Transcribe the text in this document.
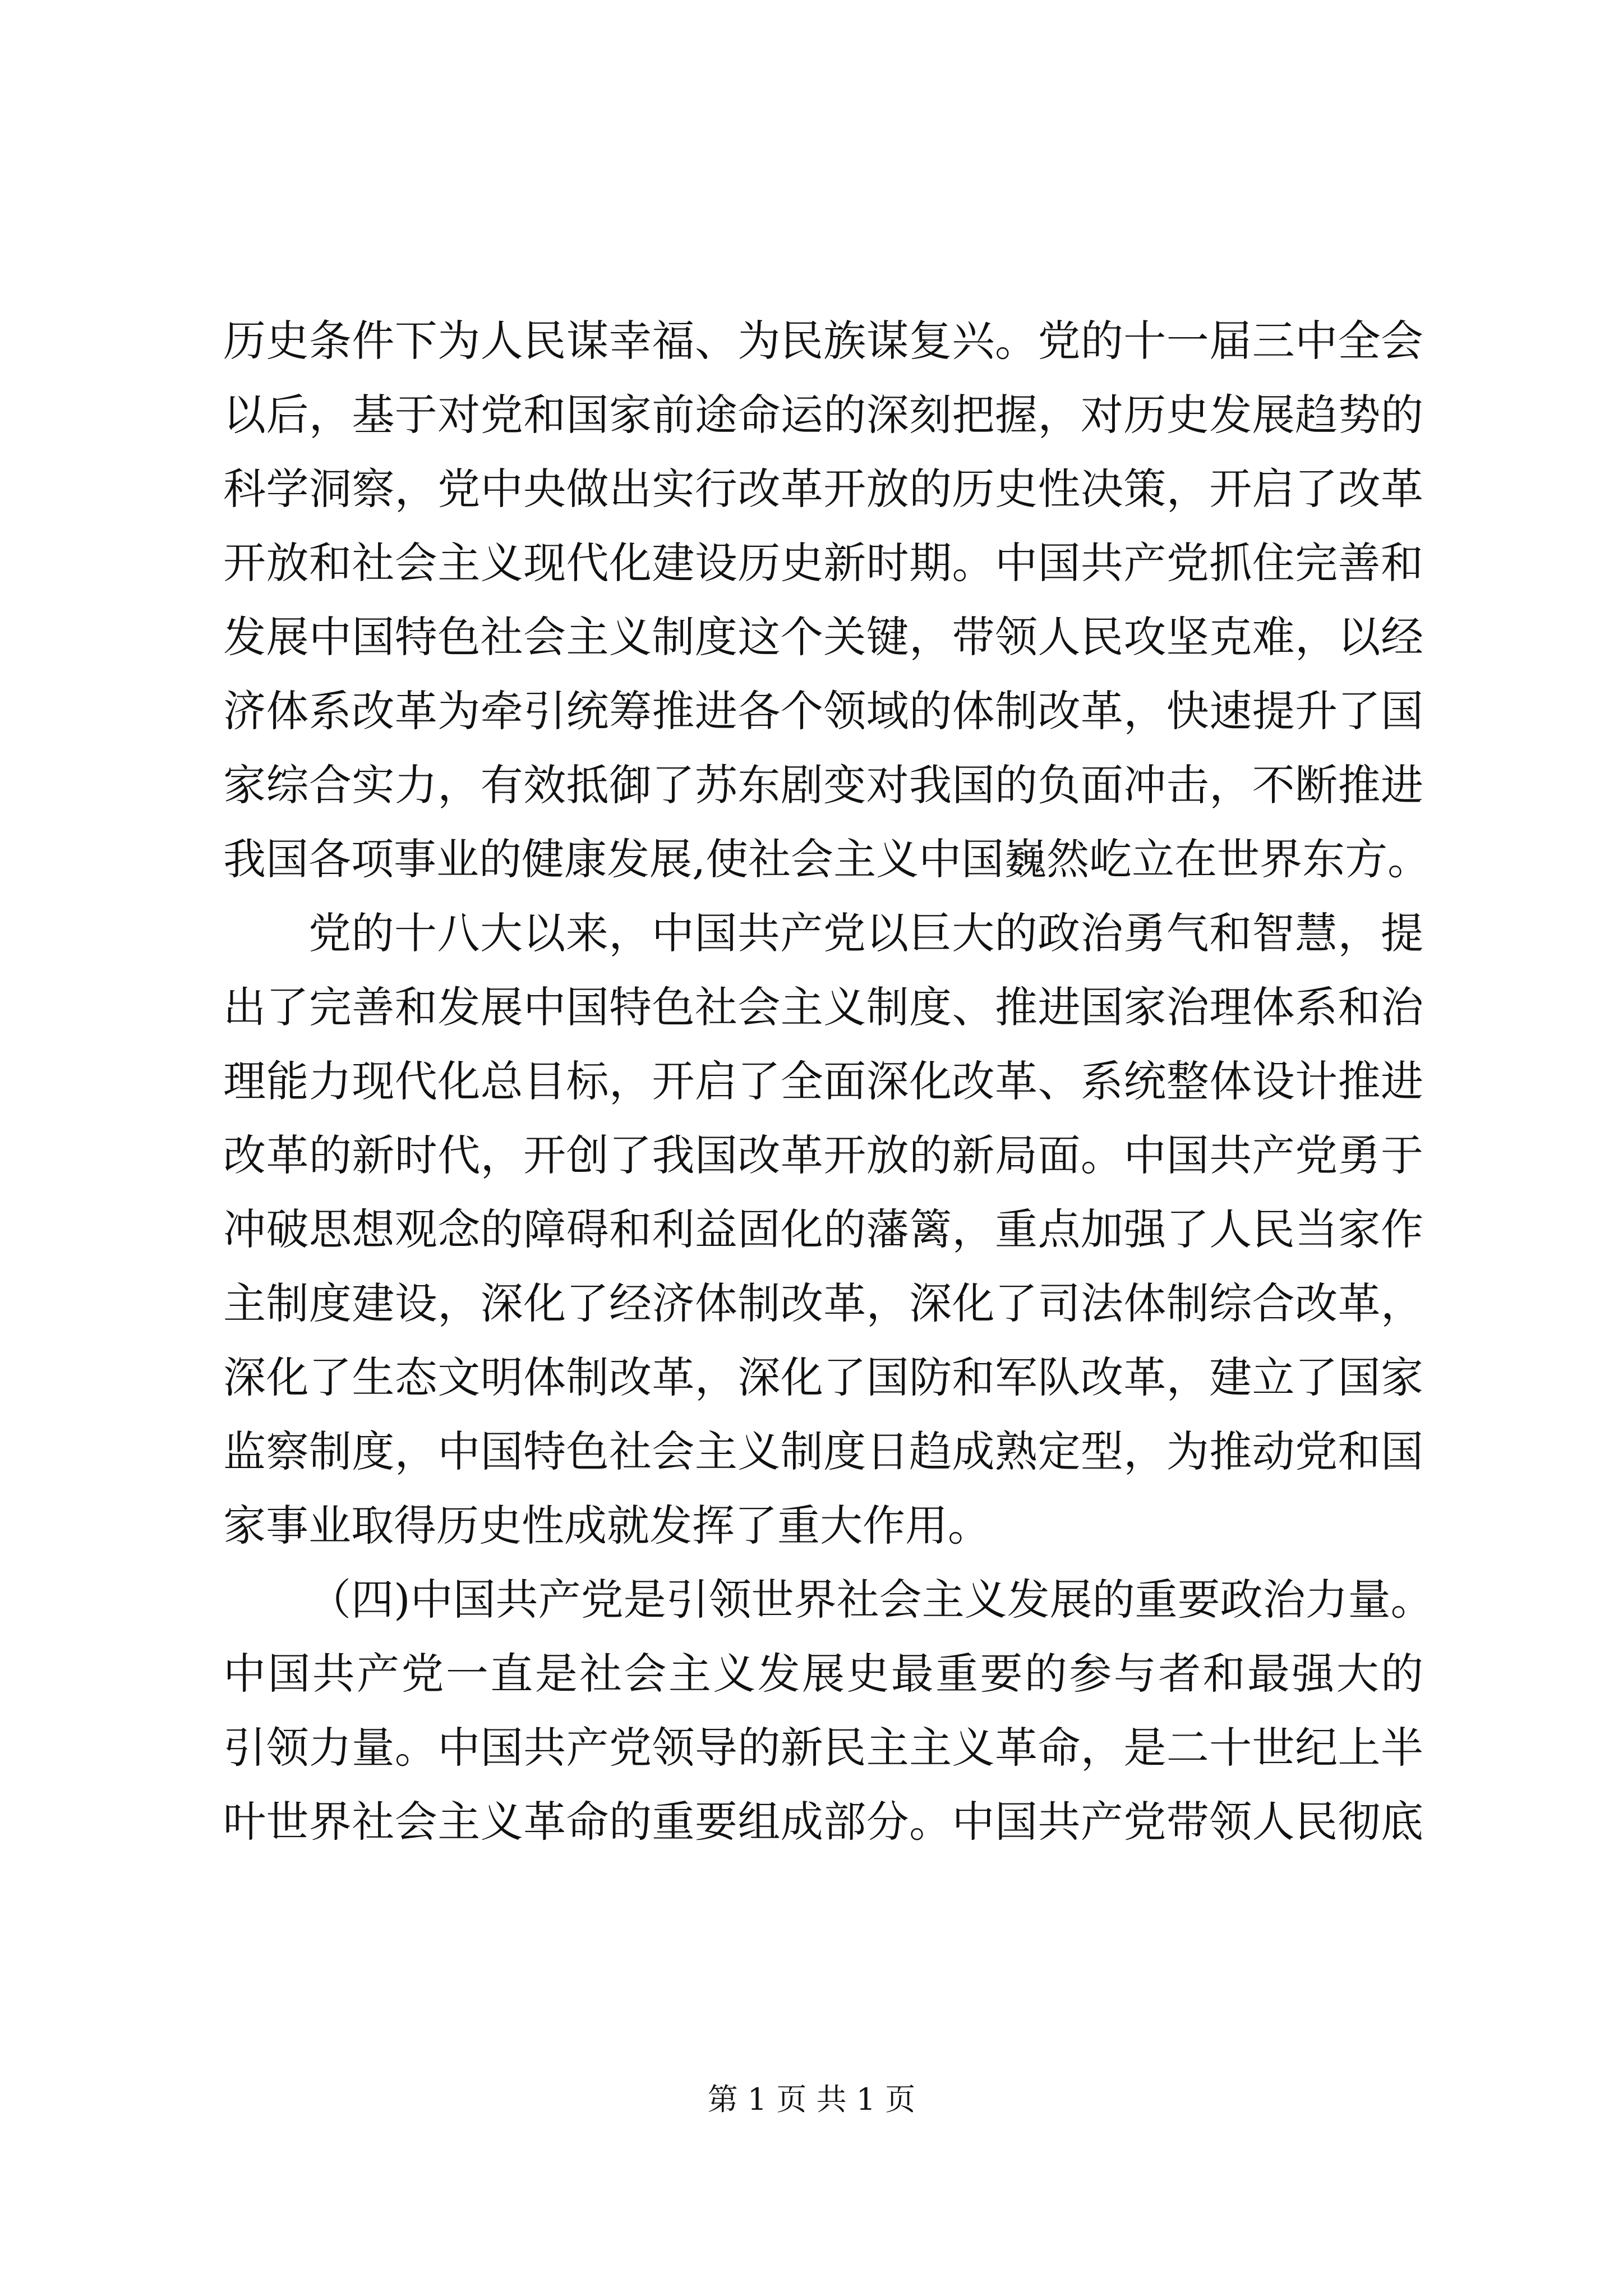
历史条件下为人民谋幸福、为民族谋复兴。党的十一届三中全会
以后，基于对党和国家前途命运的深刻把握，对历史发展趋势的
科学洞察，党中央做出实行改革开放的历史性决策，开启了改革
开放和社会主义现代化建设历史新时期。中国共产党抓住完善和
发展中国特色社会主义制度这个关键，带领人民攻坚克难，以经
济体系改革为牵引统筹推进各个领域的体制改革，快速提升了国
家综合实力，有效抵御了苏东剧变对我国的负面冲击，不断推进
我国各项事业的健康发展,使社会主义中国巍然屹立在世界东方。
党的十八大以来，中国共产党以巨大的政治勇气和智慧，提
出了完善和发展中国特色社会主义制度、推进国家治理体系和治
理能力现代化总目标，开启了全面深化改革、系统整体设计推进
改革的新时代，开创了我国改革开放的新局面。中国共产党勇于
冲破思想观念的障碍和利益固化的藩篱，重点加强了人民当家作
主制度建设，深化了经济体制改革，深化了司法体制综合改革，
深化了生态文明体制改革，深化了国防和军队改革，建立了国家
监察制度，中国特色社会主义制度日趋成熟定型，为推动党和国
家事业取得历史性成就发挥了重大作用。
（四)中国共产党是引领世界社会主义发展的重要政治力量。
中国共产党一直是社会主义发展史最重要的参与者和最强大的
引领力量。中国共产党领导的新民主主义革命，是二十世纪上半
叶世界社会主义革命的重要组成部分。中国共产党带领人民彻底
第 1 页 共 1 页
